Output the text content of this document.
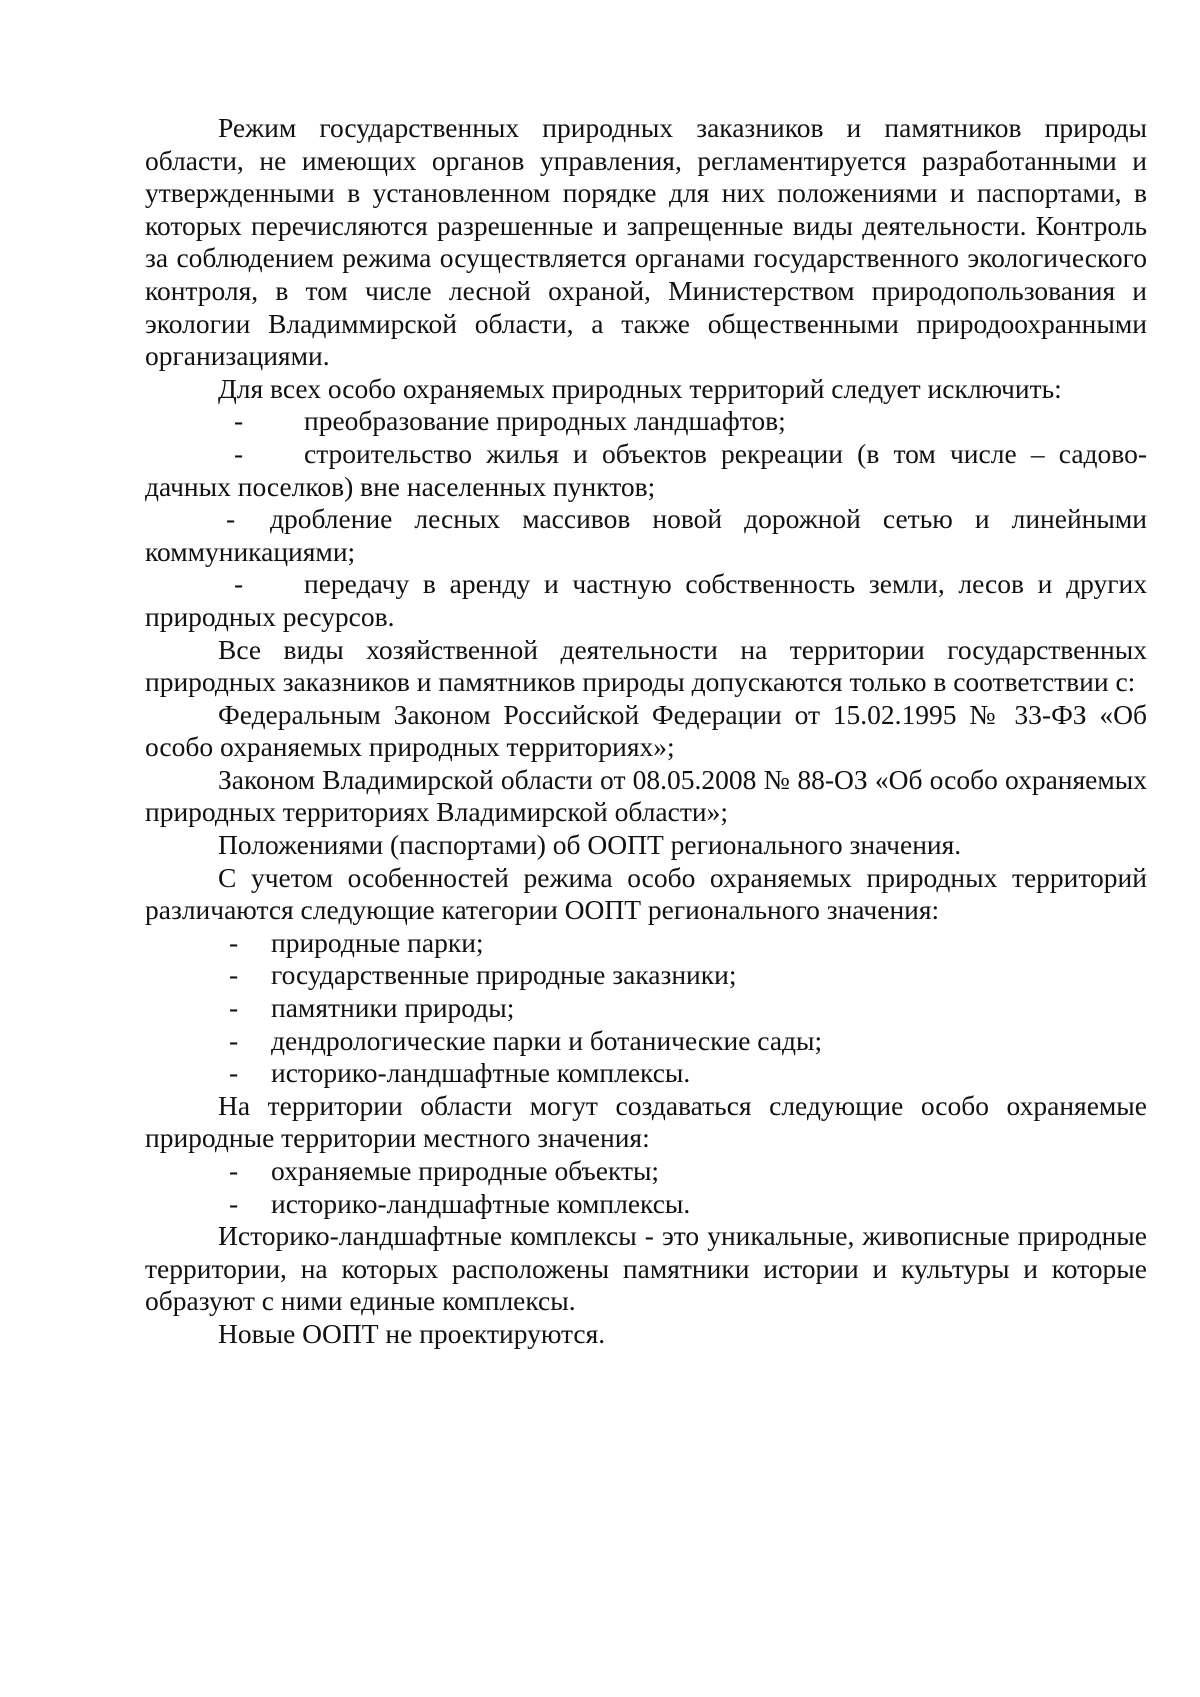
Режим государственных природных заказников и памятников природы области, не имеющих органов управления, регламентируется разработанными и утвержденными в установленном порядке для них положениями и паспортами, в которых перечисляются разрешенные и запрещенные виды деятельности. Контроль за соблюдением режима осуществляется органами государственного экологического контроля, в том числе лесной охраной, Министерством природопользования и экологии Владиммирской области, а также общественными природоохранными организациями.

Для всех особо охраняемых природных территорий следует исключить:

- преобразование природных ландшафтов;

- строительство жилья и объектов рекреации (в том числе – садово-дачных поселков) вне населенных пунктов;

- дробление лесных массивов новой дорожной сетью и линейными коммуникациями;

- передачу в аренду и частную собственность земли, лесов и других природных ресурсов.

Все виды хозяйственной деятельности на территории государственных природных заказников и памятников природы допускаются только в соответствии с:

Федеральным Законом Российской Федерации от 15.02.1995 № 33-ФЗ «Об особо охраняемых природных территориях»;

Законом Владимирской области от 08.05.2008 № 88-ОЗ «Об особо охраняемых природных территориях Владимирской области»;

Положениями (паспортами) об ООПТ регионального значения.

С учетом особенностей режима особо охраняемых природных территорий различаются следующие категории ООПТ регионального значения:

-	природные парки;
-	государственные природные заказники;
-	памятники природы;
-	дендрологические парки и ботанические сады;
-	историко-ландшафтные комплексы.

На территории области могут создаваться следующие особо охраняемые природные территории местного значения:

-	охраняемые природные объекты;
-	историко-ландшафтные комплексы.

Историко-ландшафтные комплексы - это уникальные, живописные природные территории, на которых расположены памятники истории и культуры и которые образуют с ними единые комплексы.

Новые ООПТ не проектируются.
